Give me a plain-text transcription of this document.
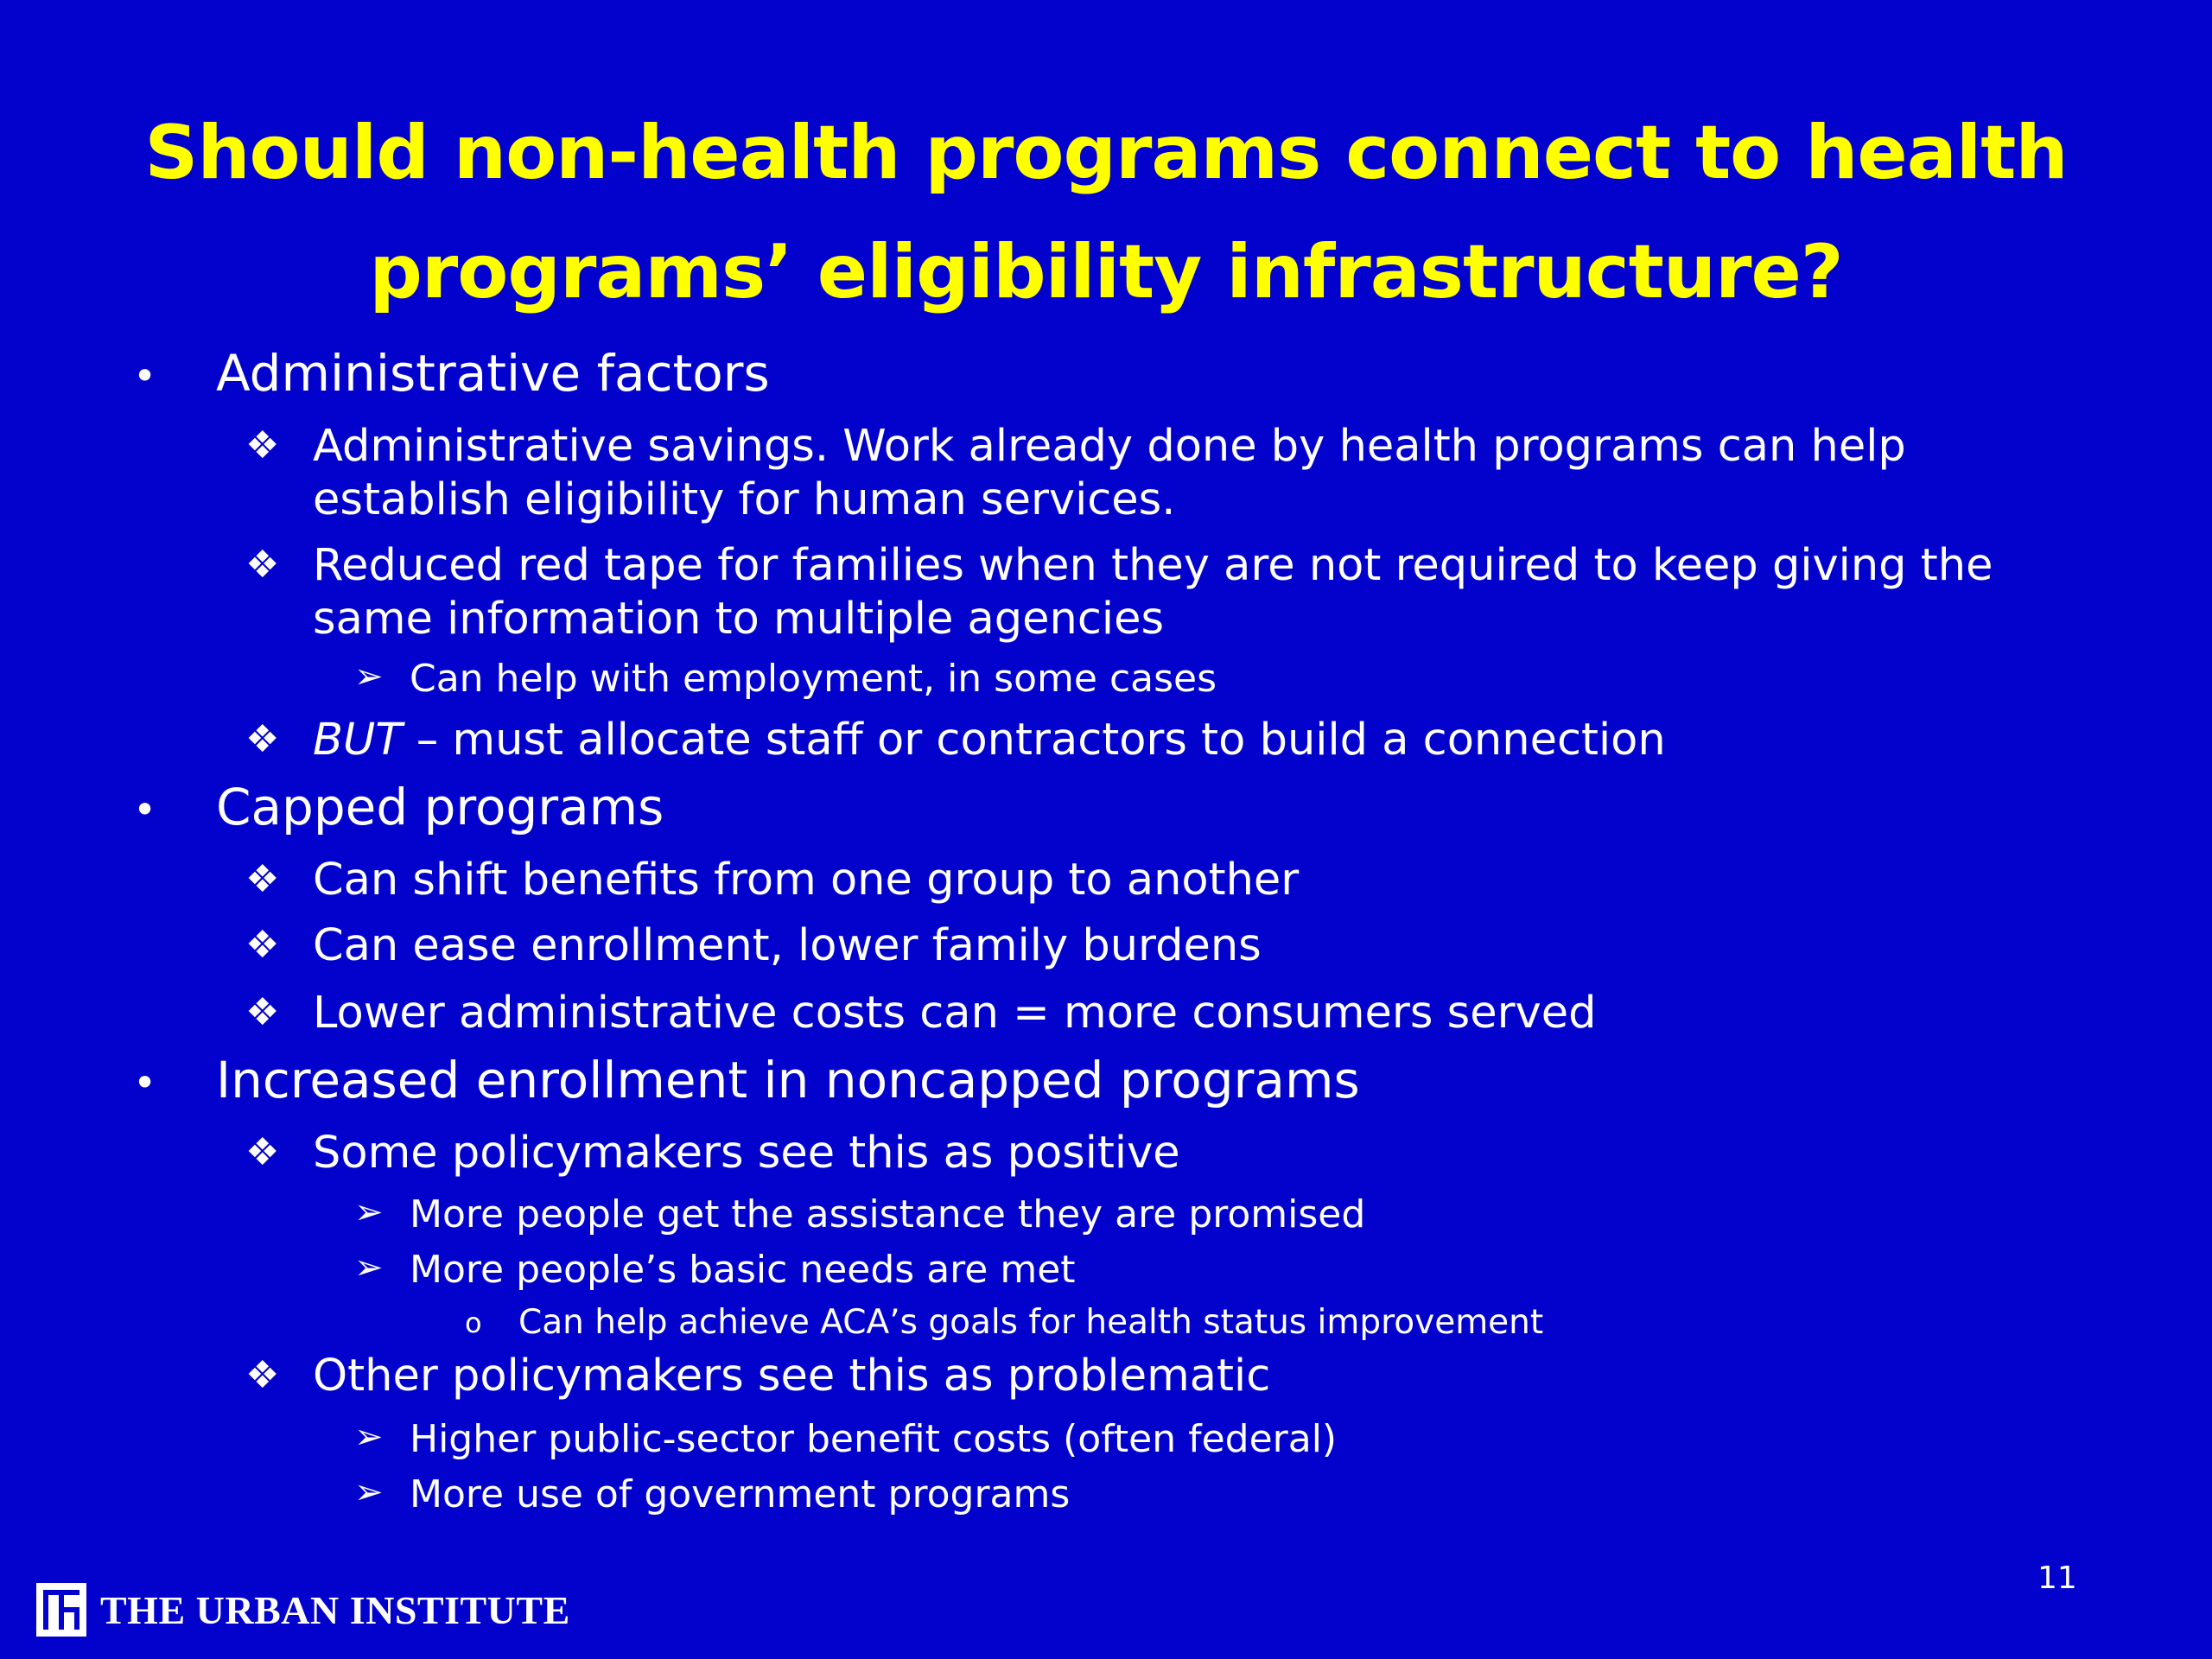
Should non-health programs connect to health
programs’ eligibility infrastructure?
• Administrative factors
❖ Administrative savings. Work already done by health programs can help
establish eligibility for human services.
❖ Reduced red tape for families when they are not required to keep giving the
same information to multiple agencies
➢ Can help with employment, in some cases
❖ BUT – must allocate staff or contractors to build a connection
• Capped programs
❖ Can shift benefits from one group to another
❖ Can ease enrollment, lower family burdens
❖ Lower administrative costs can = more consumers served
• Increased enrollment in noncapped programs
❖ Some policymakers see this as positive
➢ More people get the assistance they are promised
➢ More people’s basic needs are met
o Can help achieve ACA’s goals for health status improvement
❖ Other policymakers see this as problematic
➢ Higher public-sector benefit costs (often federal)
➢ More use of government programs
11
THE URBAN INSTITUTE
